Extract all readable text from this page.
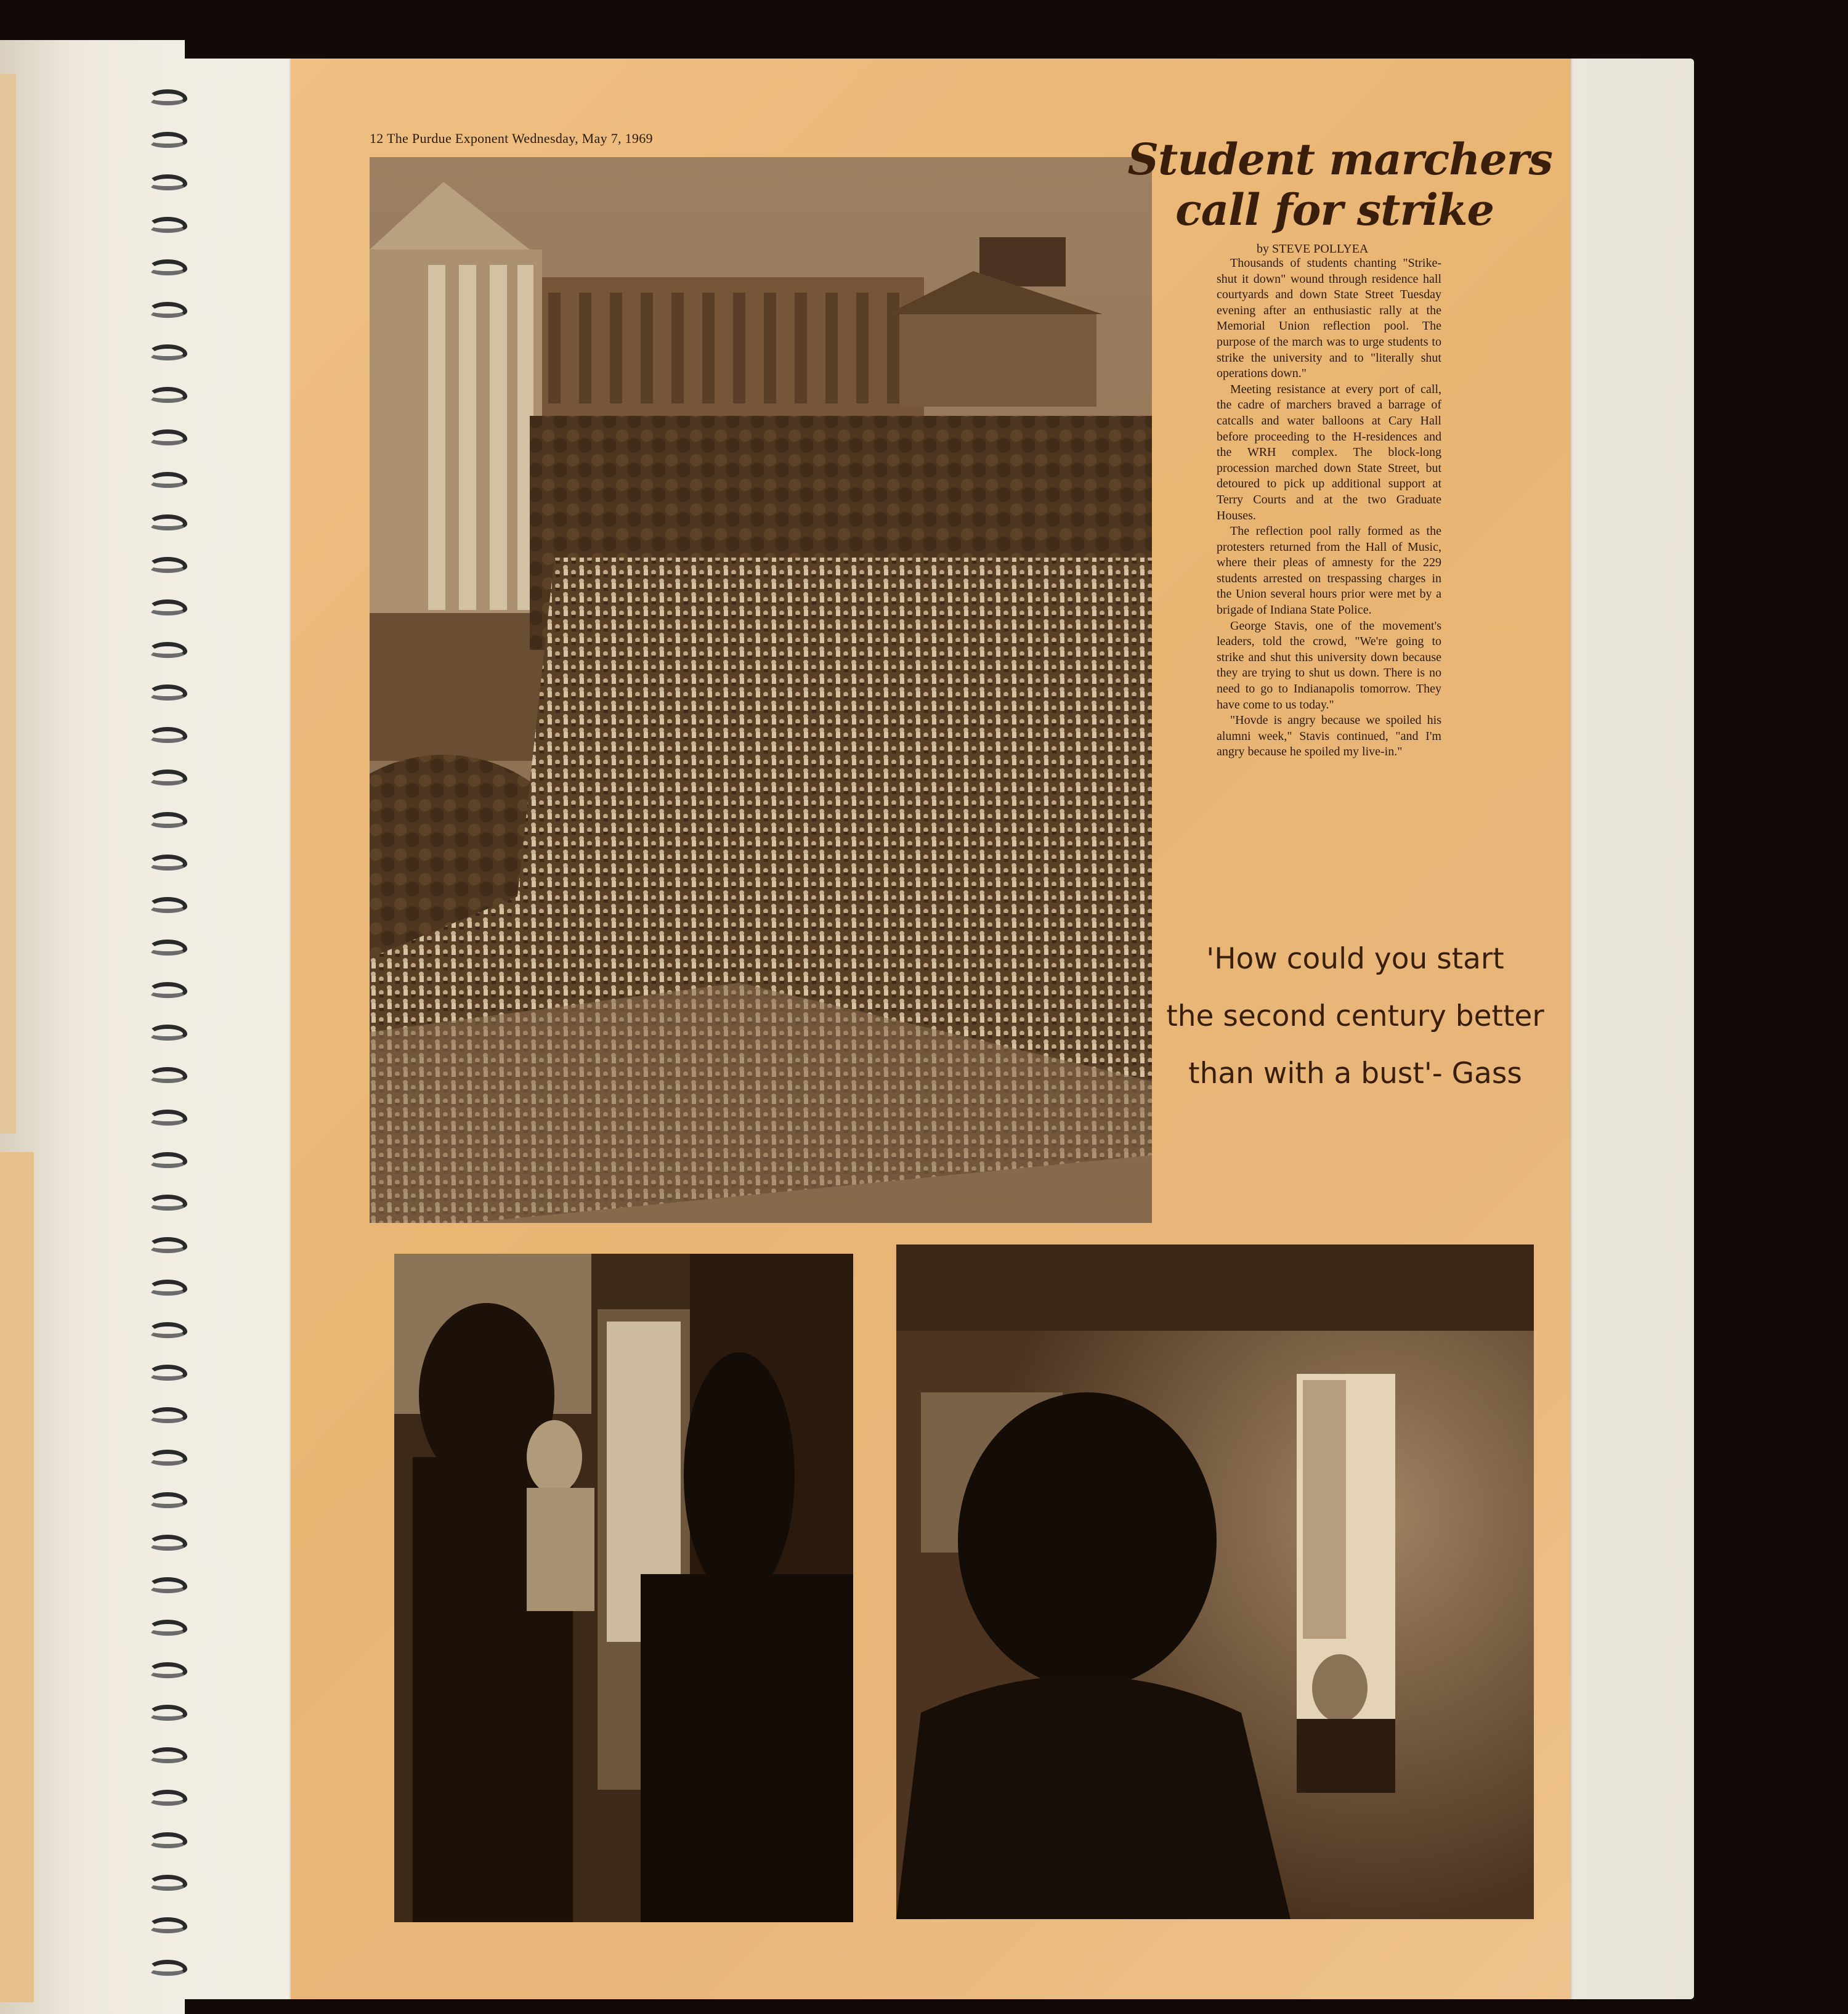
12 The Purdue Exponent Wednesday, May 7, 1969	Student marchers

call for strike
by STEVE POLLYEA

Thousands of students chanting "Strike-shut it down" wound through residence hall courtyards and down State Street Tuesday evening after an enthusiastic rally at the Memorial Union reflection pool. The purpose of the march was to urge students to strike the university and to "literally shut operations down."

Meeting resistance at every port of call, the cadre of marchers braved a barrage of catcalls and water balloons at Cary Hall before proceeding to the H-residences and the WRH complex. The block-long procession marched down State Street, but detoured to pick up additional support at Terry Courts and at the two Graduate Houses.

The reflection pool rally formed as the protesters returned from the Hall of Music, where their pleas of amnesty for the 229 students arrested on trespassing charges in the Union several hours prior were met by a brigade of Indiana State Police.

George Stavis, one of the movement's leaders, told the crowd, "We're going to strike and shut this university down because they are trying to shut us down. There is no need to go to Indianapolis tomorrow. They have come to us today."

"Hovde is angry because we spoiled his alumni week," Stavis continued, "and I'm angry because he spoiled my live-in."

'How could you start
the second century better
than with a bust'- Gass
